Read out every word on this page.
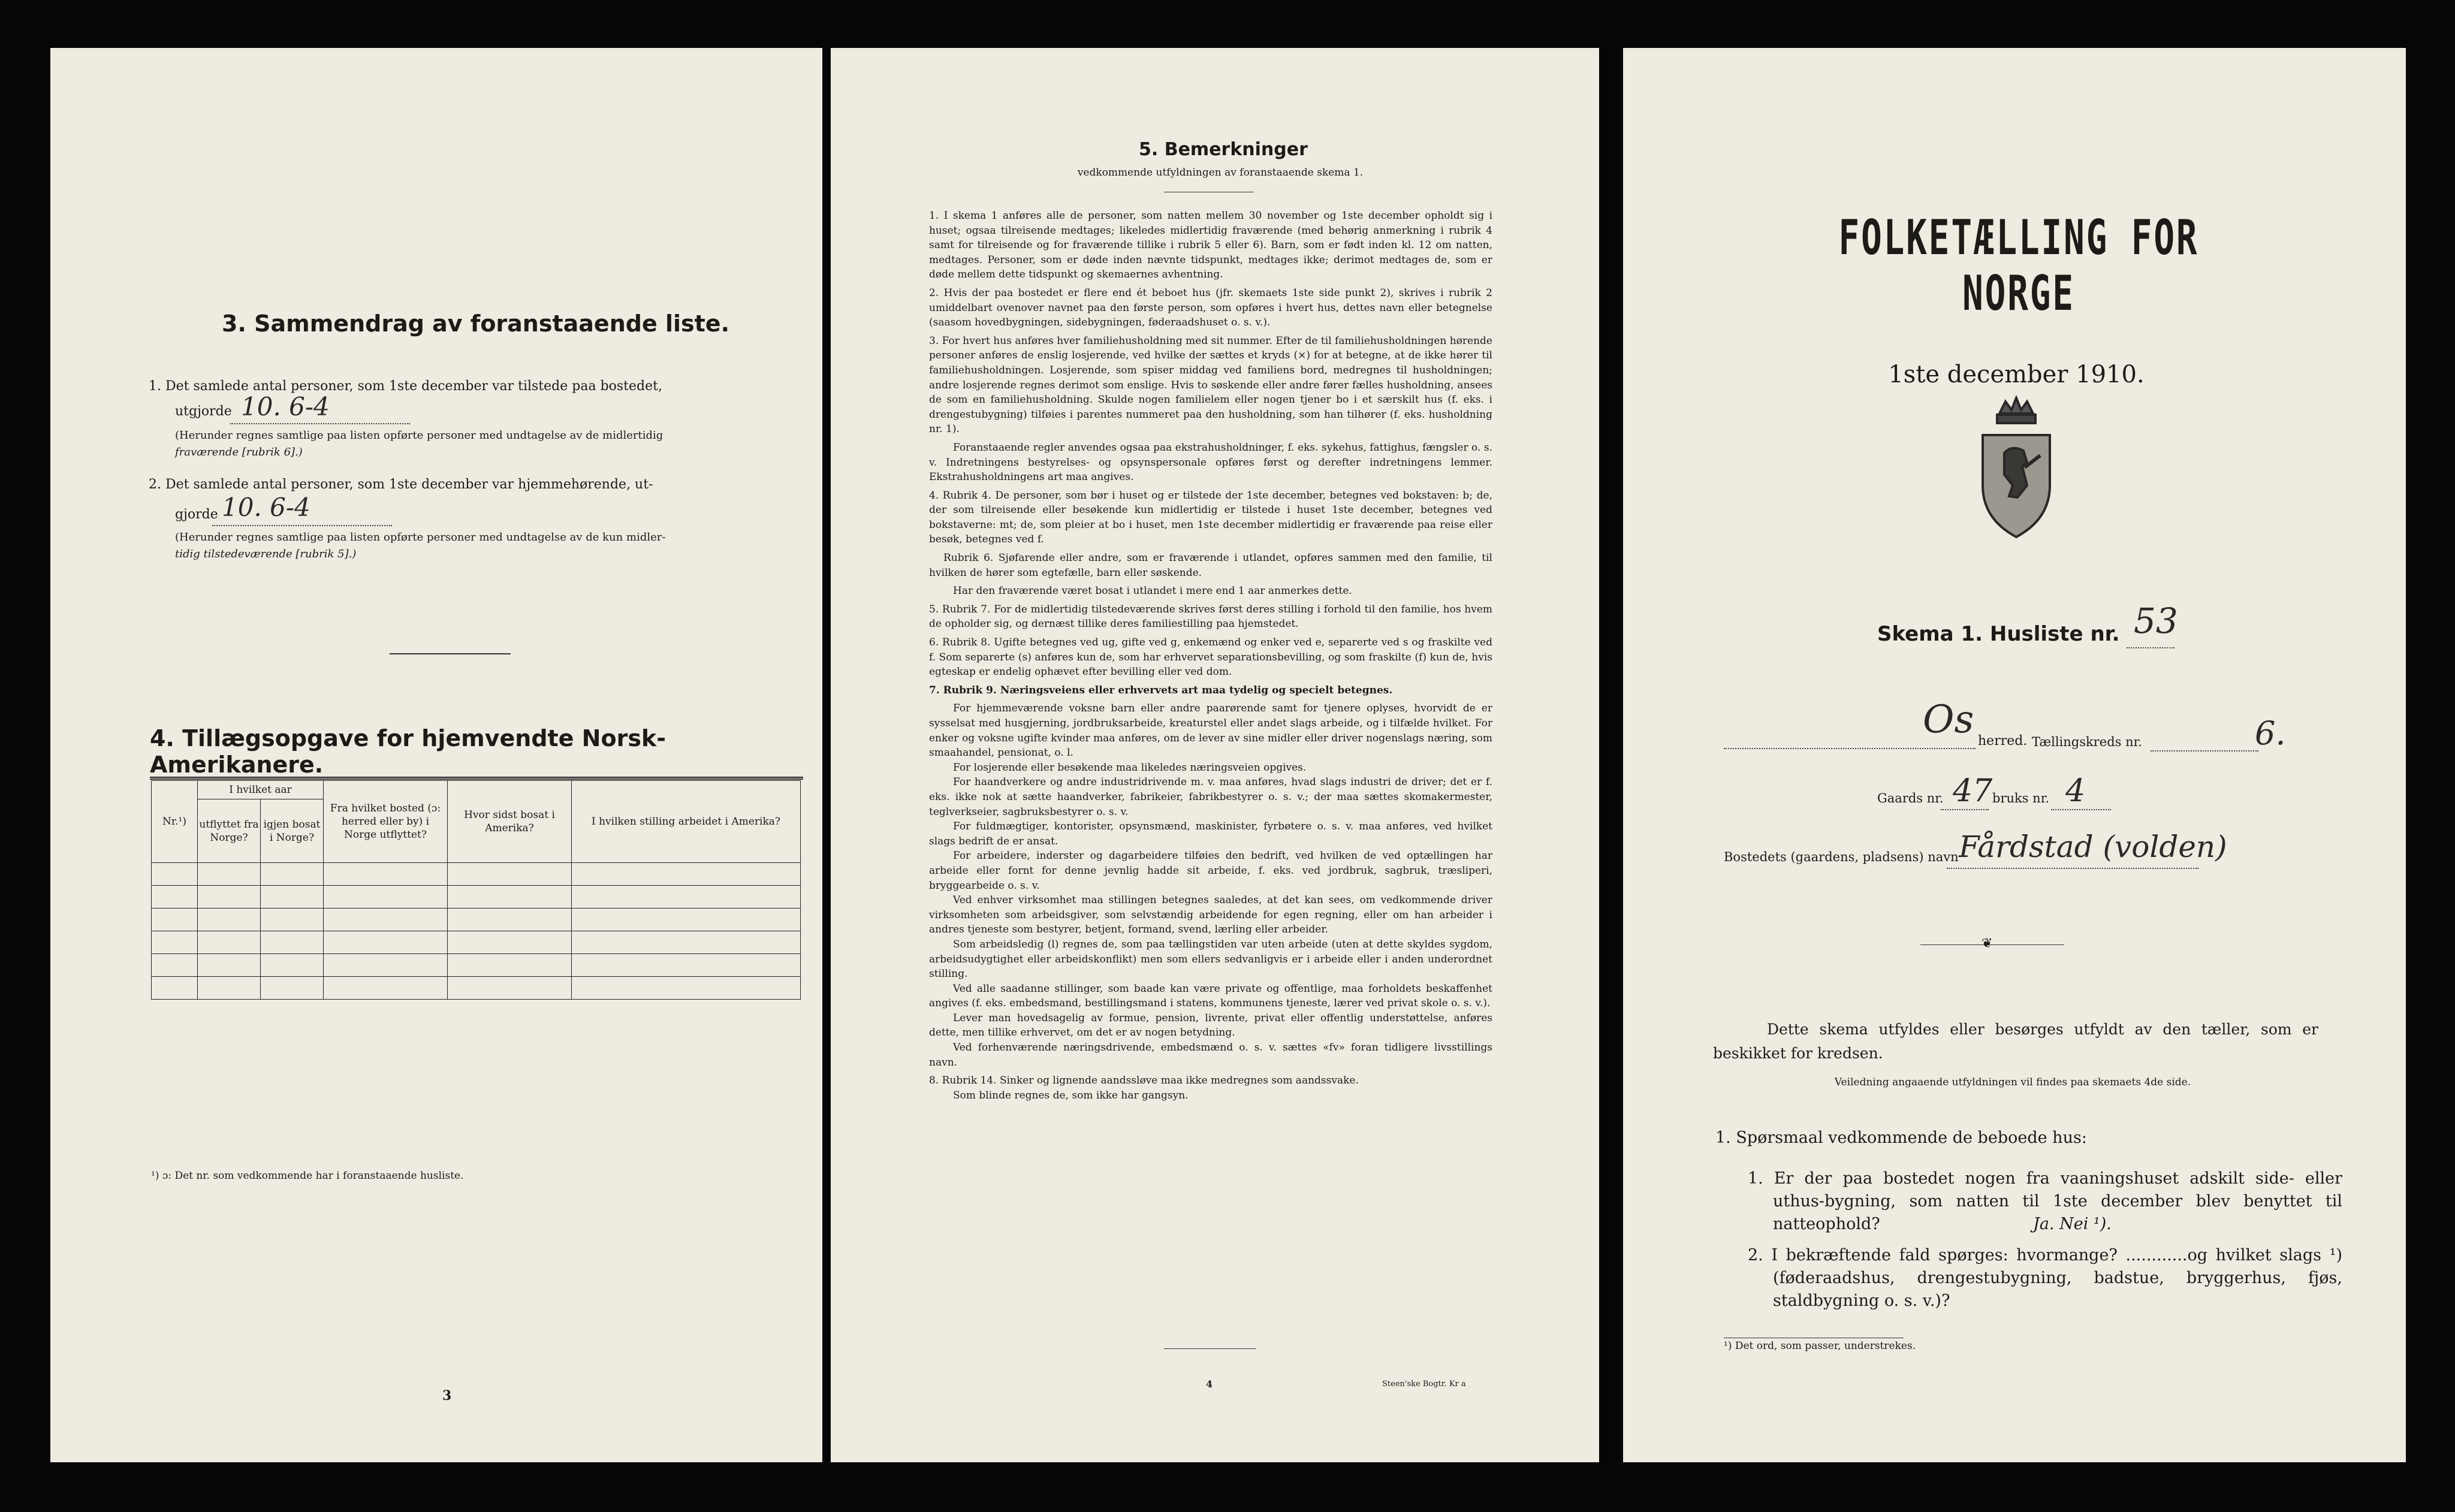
3. Sammendrag av foranstaaende liste.
1. Det samlede antal personer, som 1ste december var tilstede paa bostedet,
utgjorde 10. 6-4
(Herunder regnes samtlige paa listen opførte personer med undtagelse av de midlertidig
fraværende [rubrik 6].)
2. Det samlede antal personer, som 1ste december var hjemmehørende, ut-
gjorde 10. 6-4
(Herunder regnes samtlige paa listen opførte personer med undtagelse av de kun midler-
tidig tilstedeværende [rubrik 5].)
4. Tillægsopgave for hjemvendte Norsk-Amerikanere.
Nr.¹)	I hvilket aar		Fra hvilket bosted (ɔ: herred eller by) i Norge utflyttet?	Hvor sidst bosat i Amerika?	I hvilken stilling arbeidet i Amerika?
	utflyttet fra Norge?	igjen bosat i Norge?			

¹) ɔ: Det nr. som vedkommende har i foranstaaende husliste.
3
5. Bemerkninger
vedkommende utfyldningen av foranstaaende skema 1.

1. I skema 1 anføres alle de personer, som natten mellem 30 november og 1ste december opholdt sig i huset; ogsaa tilreisende medtages; likeledes midlertidig fraværende (med behørig anmerkning i rubrik 4 samt for tilreisende og for fraværende tillike i rubrik 5 eller 6). Barn, som er født inden kl. 12 om natten, medtages. Personer, som er døde inden nævnte tidspunkt, medtages ikke; derimot medtages de, som er døde mellem dette tidspunkt og skemaernes avhentning.

2. Hvis der paa bostedet er flere end ét beboet hus (jfr. skemaets 1ste side punkt 2), skrives i rubrik 2 umiddelbart ovenover navnet paa den første person, som opføres i hvert hus, dettes navn eller betegnelse (saasom hovedbygningen, sidebygningen, føderaadshuset o. s. v.).

3. For hvert hus anføres hver familiehusholdning med sit nummer. Efter de til familiehusholdningen hørende personer anføres de enslig losjerende, ved hvilke der sættes et kryds (×) for at betegne, at de ikke hører til familiehusholdningen. Losjerende, som spiser middag ved familiens bord, medregnes til husholdningen; andre losjerende regnes derimot som enslige. Hvis to søskende eller andre fører fælles husholdning, ansees de som en familiehusholdning. Skulde nogen familielem eller nogen tjener bo i et særskilt hus (f. eks. i drengestubygning) tilføies i parentes nummeret paa den husholdning, som han tilhører (f. eks. husholdning nr. 1).

Foranstaaende regler anvendes ogsaa paa ekstrahusholdninger, f. eks. sykehus, fattighus, fængsler o. s. v. Indretningens bestyrelses- og opsynspersonale opføres først og derefter indretningens lemmer. Ekstrahusholdningens art maa angives.

4. Rubrik 4. De personer, som bør i huset og er tilstede der 1ste december, betegnes ved bokstaven: b; de, der som tilreisende eller besøkende kun midlertidig er tilstede i huset 1ste december, betegnes ved bokstaverne: mt; de, som pleier at bo i huset, men 1ste december midlertidig er fraværende paa reise eller besøk, betegnes ved f.

Rubrik 6. Sjøfarende eller andre, som er fraværende i utlandet, opføres sammen med den familie, til hvilken de hører som egtefælle, barn eller søskende.

Har den fraværende været bosat i utlandet i mere end 1 aar anmerkes dette.

5. Rubrik 7. For de midlertidig tilstedeværende skrives først deres stilling i forhold til den familie, hos hvem de opholder sig, og dernæst tillike deres familiestilling paa hjemstedet.

6. Rubrik 8. Ugifte betegnes ved ug, gifte ved g, enkemænd og enker ved e, separerte ved s og fraskilte ved f. Som separerte (s) anføres kun de, som har erhvervet separationsbevilling, og som fraskilte (f) kun de, hvis egteskap er endelig ophævet efter bevilling eller ved dom.

7. Rubrik 9. Næringsveiens eller erhvervets art maa tydelig og specielt betegnes.

For hjemmeværende voksne barn eller andre paarørende samt for tjenere oplyses, hvorvidt de er sysselsat med husgjerning, jordbruksarbeide, kreaturstel eller andet slags arbeide, og i tilfælde hvilket. For enker og voksne ugifte kvinder maa anføres, om de lever av sine midler eller driver nogenslags næring, som smaahandel, pensionat, o. l.

For losjerende eller besøkende maa likeledes næringsveien opgives.

For haandverkere og andre industridrivende m. v. maa anføres, hvad slags industri de driver; det er f. eks. ikke nok at sætte haandverker, fabrikeier, fabrikbestyrer o. s. v.; der maa sættes skomakermester, teglverkseier, sagbruksbestyrer o. s. v.

For fuldmægtiger, kontorister, opsynsmænd, maskinister, fyrbøtere o. s. v. maa anføres, ved hvilket slags bedrift de er ansat.

For arbeidere, inderster og dagarbeidere tilføies den bedrift, ved hvilken de ved optællingen har arbeide eller fornt for denne jevnlig hadde sit arbeide, f. eks. ved jordbruk, sagbruk, træsliperi, bryggearbeide o. s. v.

Ved enhver virksomhet maa stillingen betegnes saaledes, at det kan sees, om vedkommende driver virksomheten som arbeidsgiver, som selvstændig arbeidende for egen regning, eller om han arbeider i andres tjeneste som bestyrer, betjent, formand, svend, lærling eller arbeider.

Som arbeidsledig (l) regnes de, som paa tællingstiden var uten arbeide (uten at dette skyldes sygdom, arbeidsudygtighet eller arbeidskonflikt) men som ellers sedvanligvis er i arbeide eller i anden underordnet stilling.

Ved alle saadanne stillinger, som baade kan være private og offentlige, maa forholdets beskaffenhet angives (f. eks. embedsmand, bestillingsmand i statens, kommunens tjeneste, lærer ved privat skole o. s. v.).

Lever man hovedsagelig av formue, pension, livrente, privat eller offentlig understøttelse, anføres dette, men tillike erhvervet, om det er av nogen betydning.

Ved forhenværende næringsdrivende, embedsmænd o. s. v. sættes «fv» foran tidligere livsstillings navn.

8. Rubrik 14. Sinker og lignende aandssløve maa ikke medregnes som aandssvake.

Som blinde regnes de, som ikke har gangsyn.

4	Steen'ske Bogtr. Kr a
FOLKETÆLLING FOR NORGE
1ste december 1910.
Skema 1. Husliste nr. 53
Os herred. Tællingskreds nr.	6.
Gaards nr. 47 bruks nr. 4
Bostedets (gaardens, pladsens) navn Fårdstad (volden)
❦
Dette skema utfyldes eller besørges utfyldt av den tæller, som er beskikket for kredsen.
Veiledning angaaende utfyldningen vil findes paa skemaets 4de side.
1. Spørsmaal vedkommende de beboede hus:
1. Er der paa bostedet nogen fra vaaningshuset adskilt side- eller uthus-bygning, som natten til 1ste december blev benyttet til natteophold?	Ja. Nei ¹).
2. I bekræftende fald spørges: hvormange? ............og hvilket slags ¹) (føderaadshus, drengestubygning, badstue, bryggerhus, fjøs, staldbygning o. s. v.)?
¹) Det ord, som passer, understrekes.
